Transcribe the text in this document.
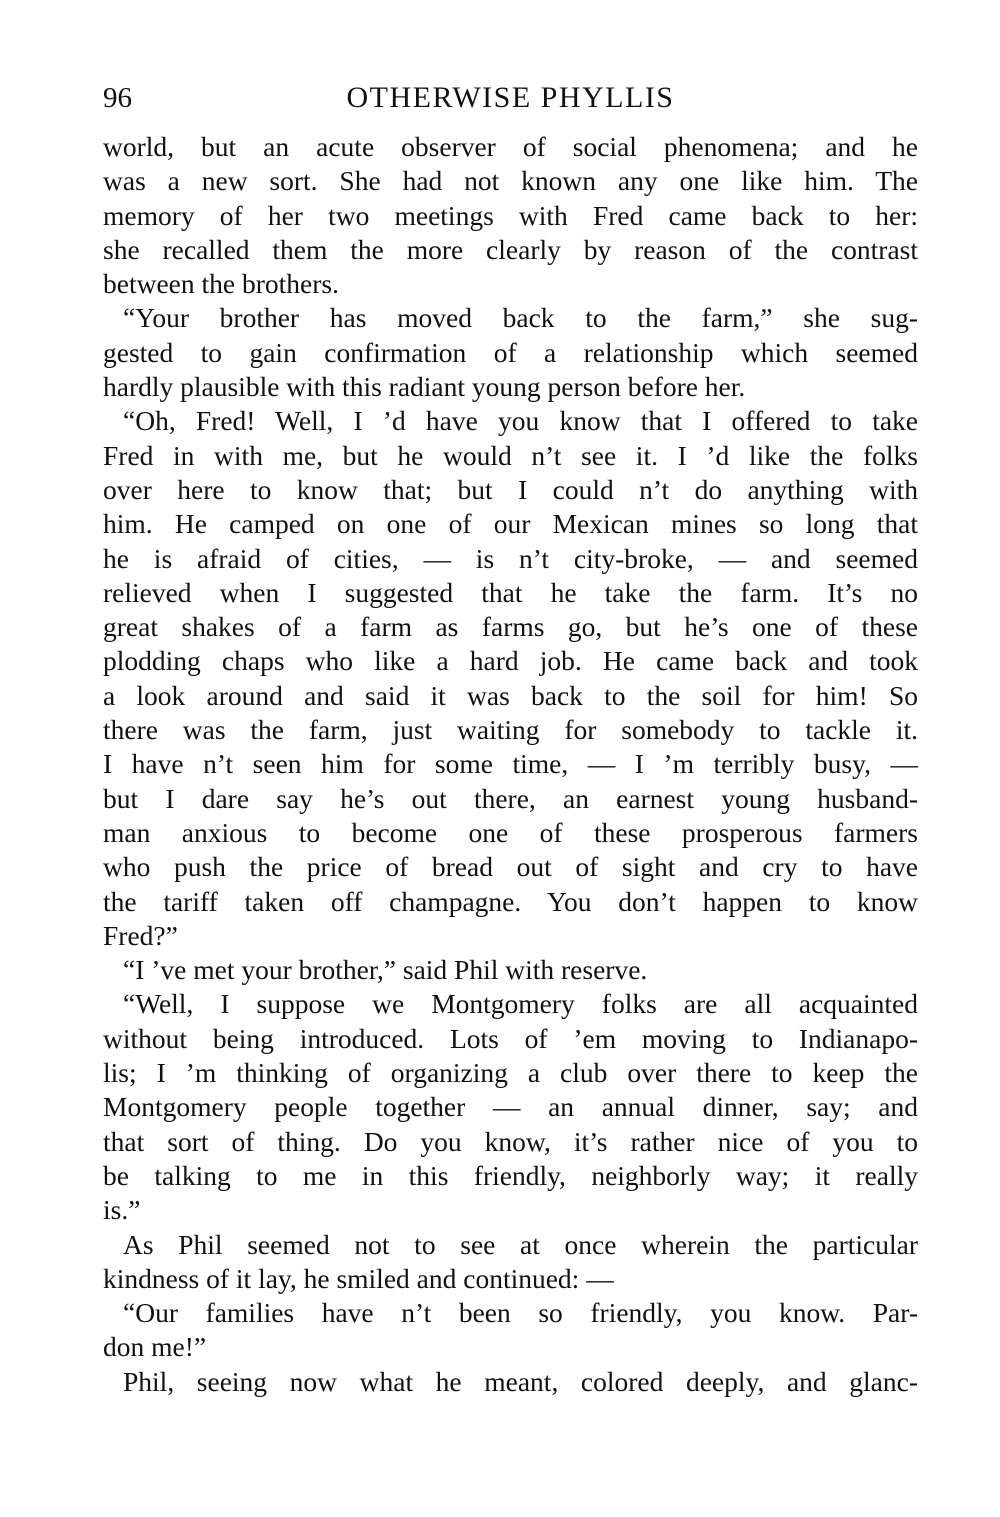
96	OTHERWISE PHYLLIS
world, but an acute observer of social phenomena; and he
was a new sort. She had not known any one like him. The
memory of her two meetings with Fred came back to her:
she recalled them the more clearly by reason of the contrast
between the brothers.
“Your brother has moved back to the farm,” she sug-
gested to gain confirmation of a relationship which seemed
hardly plausible with this radiant young person before her.
“Oh, Fred! Well, I ’d have you know that I offered to take
Fred in with me, but he would n’t see it. I ’d like the folks
over here to know that; but I could n’t do anything with
him. He camped on one of our Mexican mines so long that
he is afraid of cities, — is n’t city-broke, — and seemed
relieved when I suggested that he take the farm. It’s no
great shakes of a farm as farms go, but he’s one of these
plodding chaps who like a hard job. He came back and took
a look around and said it was back to the soil for him! So
there was the farm, just waiting for somebody to tackle it.
I have n’t seen him for some time, — I ’m terribly busy, —
but I dare say he’s out there, an earnest young husband-
man anxious to become one of these prosperous farmers
who push the price of bread out of sight and cry to have
the tariff taken off champagne. You don’t happen to know
Fred?”
“I ’ve met your brother,” said Phil with reserve.
“Well, I suppose we Montgomery folks are all acquainted
without being introduced. Lots of ’em moving to Indianapo-
lis; I ’m thinking of organizing a club over there to keep the
Montgomery people together — an annual dinner, say; and
that sort of thing. Do you know, it’s rather nice of you to
be talking to me in this friendly, neighborly way; it really
is.”
As Phil seemed not to see at once wherein the particular
kindness of it lay, he smiled and continued: —
“Our families have n’t been so friendly, you know. Par-
don me!”
Phil, seeing now what he meant, colored deeply, and glanc-
